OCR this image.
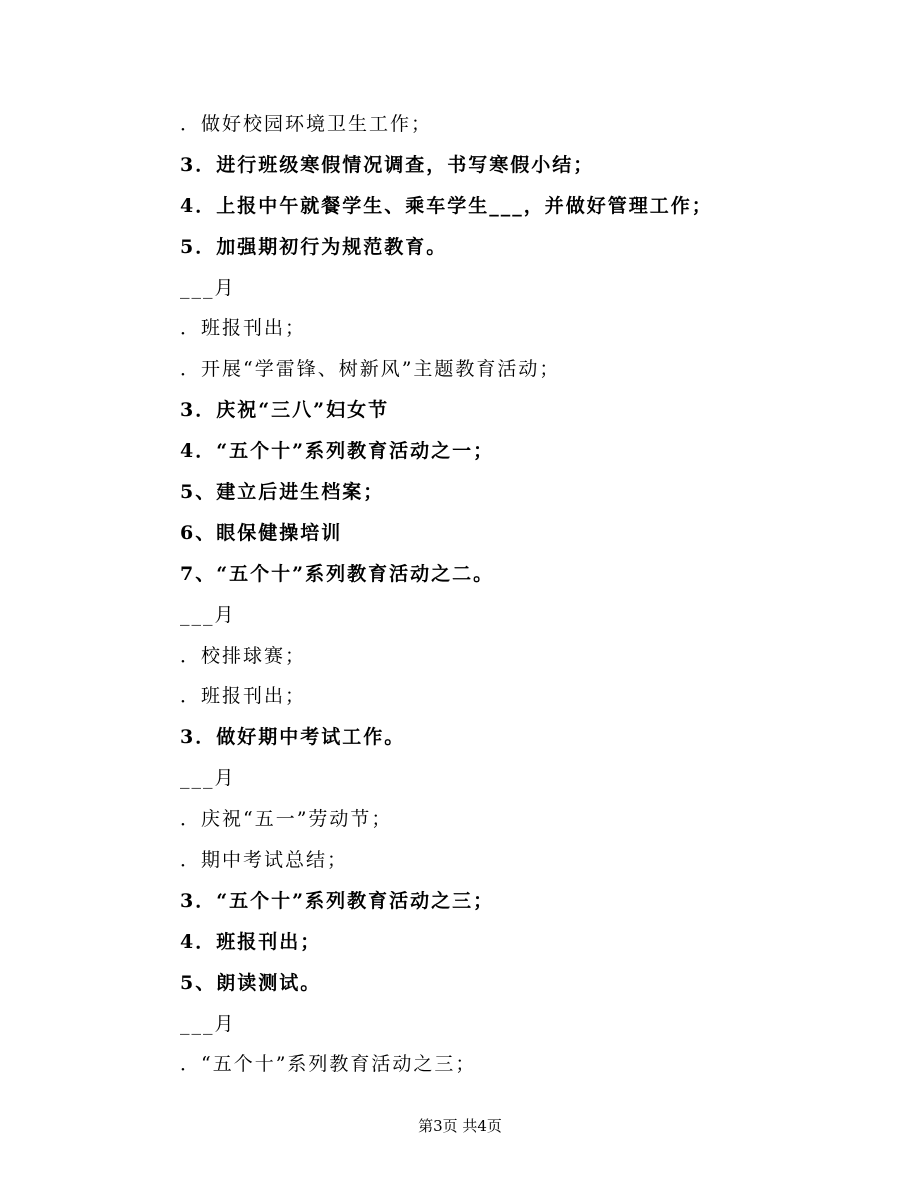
．做好校园环境卫生工作；
3．进行班级寒假情况调查，书写寒假小结；
4．上报中午就餐学生、乘车学生___，并做好管理工作；
5．加强期初行为规范教育。
___月
．班报刊出；
．开展“学雷锋、树新风”主题教育活动；
3．庆祝“三八”妇女节
4．“五个十”系列教育活动之一；
5、建立后进生档案；
6、眼保健操培训
7、“五个十”系列教育活动之二。
___月
．校排球赛；
．班报刊出；
3．做好期中考试工作。
___月
．庆祝“五一”劳动节；
．期中考试总结；
3．“五个十”系列教育活动之三；
4．班报刊出；
5、朗读测试。
___月
．“五个十”系列教育活动之三；
第3页 共4页
